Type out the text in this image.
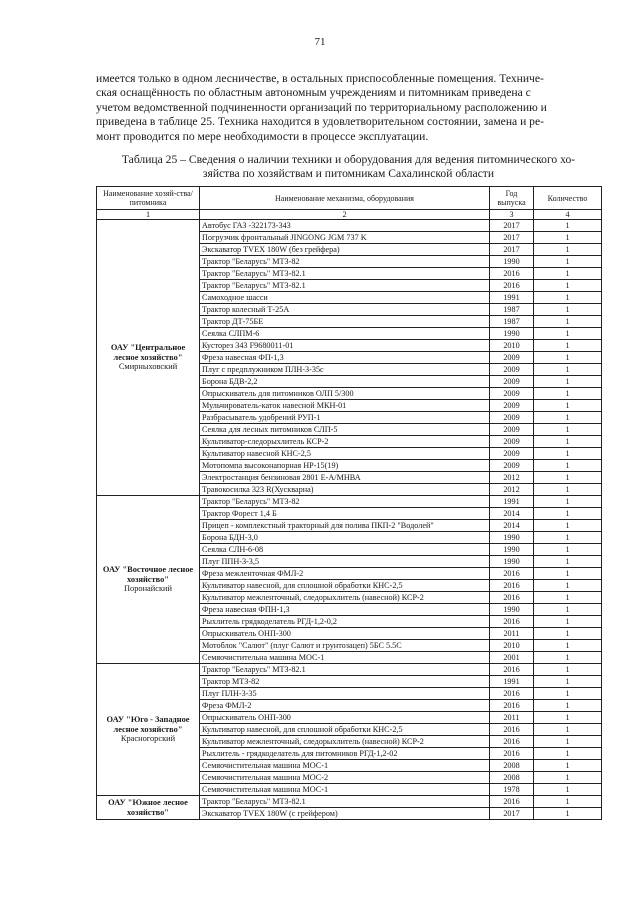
71

имеется только в одном лесничестве, в остальных приспособленные помещения. Техниче-
ская оснащённость по областным автономным учреждениям и питомникам приведена с
учетом ведомственной подчиненности организаций по территориальному расположению и
приведена в таблице 25. Техника находится в удовлетворительном состоянии, замена и ре-
монт проводится по мере необходимости в процессе эксплуатации.

Таблица 25 – Сведения о наличии техники и оборудования для ведения питомнического хо-
зяйства по хозяйствам и питомникам Сахалинской области

Наименование хозяй-ства/питомника	Наименование механизма, оборудования	Год выпуска	Количество
1	2	3	4
ОАУ "Центральное лесное хозяйство"
Смирныховский	Автобус ГАЗ -322173-343	2017	1
	Погрузчик фронтальный JINGONG JGM 737 K	2017	1
	Экскаватор TVEX 180W (без грейфера)	2017	1
	Трактор "Беларусь" МТЗ-82	1990	1
	Трактор "Беларусь" МТЗ-82.1	2016	1
	Трактор "Беларусь" МТЗ-82.1	2016	1
	Самоходное шасси	1991	1
	Трактор колесный Т-25А	1987	1
	Трактор ДТ-75БЕ	1987	1
	Сеялка СЛПМ-6	1990	1
	Кусторез 343 F9680011-01	2010	1
	Фреза навесная ФП-1,3	2009	1
	Плуг с предплужником ПЛН-3-35с	2009	1
	Борона БДВ-2,2	2009	1
	Опрыскиватель для питомников ОЛП 5/300	2009	1
	Мульчирователь-каток навесной МКН-01	2009	1
	Разбрасыватель удобрений РУП-1	2009	1
	Сеялка для лесных питомников СЛП-5	2009	1
	Культиватор-следорыхлитель КСР-2	2009	1
	Культиватор навесной КНС-2,5	2009	1
	Мотопомпа высоконапорная НР-15(19)	2009	1
	Электростанция бензиновая 2801 Е-А/МНВА	2012	1
	Травокосилка 323 R(Хускварна)	2012	1
ОАУ "Восточное лесное хозяйство"
Поронайский	Трактор "Беларусь" МТЗ-82	1991	1
	Трактор Форест 1,4 Б	2014	1
	Прицеп - комплекстный тракторный для полива ПКП-2 "Водолей"	2014	1
	Борона БДН-3,0	1990	1
	Сеялка СЛН-6-08	1990	1
	Плуг ППН-3-3,5	1990	1
	Фреза межленточная ФМЛ-2	2016	1
	Культиватор навесной, для сплошной обработки КНС-2,5	2016	1
	Культиватор межленточный, следорыхлитель (навесной) КСР-2	2016	1
	Фреза навесная ФПН-1,3	1990	1
	Рыхлитель грядкоделатель РГД-1,2-0,2	2016	1
	Опрыскиватель ОНП-300	2011	1
	Мотоблок "Салют" (плуг Салют и грунтозацеп) 5БС 5.5С	2010	1
	Семяочистительна машина МОС-1	2001	1
ОАУ "Юго - Западное лесное хозяйство"
Красногорский	Трактор "Беларусь" МТЗ-82.1	2016	1
	Трактор МТЗ-82	1991	1
	Плуг ПЛН-3-35	2016	1
	Фреза ФМЛ-2	2016	1
	Опрыскиватель ОНП-300	2011	1
	Культиватор навесной, для сплошной обработки КНС-2,5	2016	1
	Культиватор межленточный, следорыхлитель (навесной) КСР-2	2016	1
	Рыхлитель - грядкоделатель для питомников РГД-1,2-02	2016	1
	Семяочистительная машина МОС-1	2008	1
	Семяочистительная машина МОС-2	2008	1
	Семяочистительная машина МОС-1	1978	1
ОАУ "Южное лесное хозяйство"	Трактор "Беларусь" МТЗ-82.1	2016	1
	Экскаватор TVEX 180W (с грейфером)	2017	1
